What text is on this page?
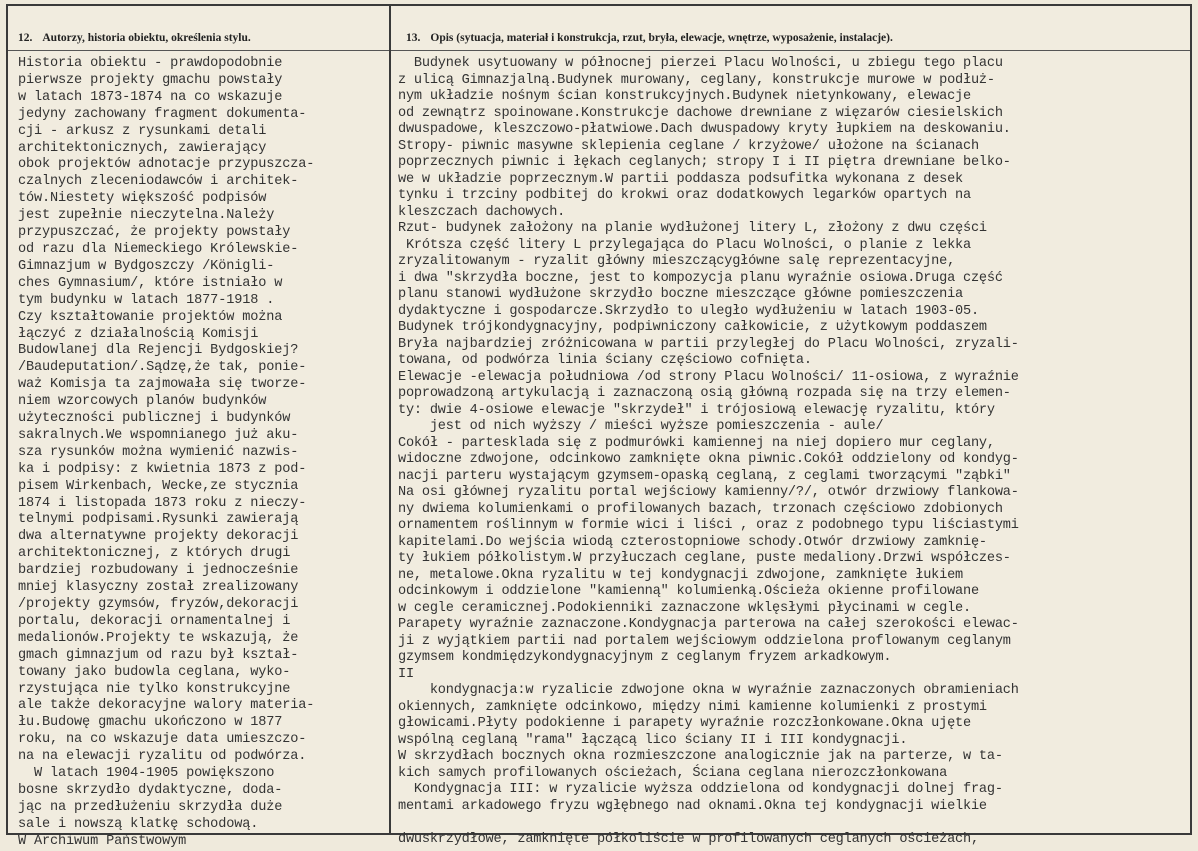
12. Autorzy, historia obiektu, określenia stylu.	13. Opis (sytuacja, materiał i konstrukcja, rzut, bryła, elewacje, wnętrze, wyposażenie, instalacje).
Historia obiektu - prawdopodobnie
pierwsze projekty gmachu powstały
w latach 1873-1874 na co wskazuje
jedyny zachowany fragment dokumenta-
cji - arkusz z rysunkami detali
architektonicznych, zawierający
obok projektów adnotacje przypuszcza-
czalnych zleceniodawców i architek-
tów.Niestety większość podpisów
jest zupełnie nieczytelna.Należy
przypuszczać, że projekty powstały
od razu dla Niemeckiego Królewskie-
Gimnazjum w Bydgoszczy /Königli-
ches Gymnasium/, które istniało w
tym budynku w latach 1877-1918 .
Czy kształtowanie projektów można
łączyć z działalnością Komisji
Budowlanej dla Rejencji Bydgoskiej?
/Baudeputation/.Sądzę,że tak, ponie-
waż Komisja ta zajmowała się tworze-
niem wzorcowych planów budynków
użyteczności publicznej i budynków
sakralnych.We wspomnianego już aku-
sza rysunków można wymienić nazwis-
ka i podpisy: z kwietnia 1873 z pod-
pisem Wirkenbach, Wecke,ze stycznia
1874 i listopada 1873 roku z nieczy-
telnymi podpisami.Rysunki zawierają
dwa alternatywne projekty dekoracji
architektonicznej, z których drugi
bardziej rozbudowany i jednocześnie
mniej klasyczny został zrealizowany
/projekty gzymsów, fryzów,dekoracji
portalu, dekoracji ornamentalnej i
medalionów.Projekty te wskazują, że
gmach gimnazjum od razu był kształ-
towany jako budowla ceglana, wyko-
rzystująca nie tylko konstrukcyjne
ale także dekoracyjne walory materia-
łu.Budowę gmachu ukończono w 1877
roku, na co wskazuje data umieszczo-
na na elewacji ryzalitu od podwórza.
W latach 1904-1905 powiększono
bosne skrzydło dydaktyczne, doda-
jąc na przedłużeniu skrzydła duże
sale i nowszą klatkę schodową.
W Archiwum Państwowym
Budynek usytuowany w północnej pierzei Placu Wolności, u zbiegu tego placu
z ulicą Gimnazjalną.Budynek murowany, ceglany, konstrukcje murowe w podłuż-
nym układzie nośnym ścian konstrukcyjnych.Budynek nietynkowany, elewacje
od zewnątrz spoinowane.Konstrukcje dachowe drewniane z więzarów ciesielskich
dwuspadowe, kleszczowo-płatwiowe.Dach dwuspadowy kryty łupkiem na deskowaniu.
Stropy- piwnic masywne sklepienia ceglane / krzyżowe/ ułożone na ścianach
poprzecznych piwnic i łękach ceglanych; stropy I i II piętra drewniane belko-
we w układzie poprzecznym.W partii poddasza podsufitka wykonana z desek
tynku i trzciny podbitej do krokwi oraz dodatkowych legarków opartych na
kleszczach dachowych.
Rzut- budynek założony na planie wydłużonej litery L, złożony z dwu części
Krótsza część litery L przylegająca do Placu Wolności, o planie z lekka
zryzalitowanym - ryzalit główny mieszczącygłówne salę reprezentacyjne,
i dwa "skrzydła boczne, jest to kompozycja planu wyraźnie osiowa.Druga część
planu stanowi wydłużone skrzydło boczne mieszczące główne pomieszczenia
dydaktyczne i gospodarcze.Skrzydło to uległo wydłużeniu w latach 1903-05.
Budynek trójkondygnacyjny, podpiwniczony całkowicie, z użytkowym poddaszem
Bryła najbardziej zróżnicowana w partii przyległej do Placu Wolności, zryzali-
towana, od podwórza linia ściany częściowo cofnięta.
Elewacje -elewacja południowa /od strony Placu Wolności/ 11-osiowa, z wyraźnie
poprowadzoną artykulacją i zaznaczoną osią główną rozpada się na trzy elemen-
ty: dwie 4-osiowe elewacje "skrzydeł" i trójosiową elewację ryzalitu, który
jest od nich wyższy / mieści wyższe pomieszczenia - aule/
Cokół - partesklada się z podmurówki kamiennej na niej dopiero mur ceglany,
widoczne zdwojone, odcinkowo zamknięte okna piwnic.Cokół oddzielony od kondyg-
nacji parteru wystającym gzymsem-opaską ceglaną, z ceglami tworzącymi "ząbki"
Na osi głównej ryzalitu portal wejściowy kamienny/?/, otwór drzwiowy flankowa-
ny dwiema kolumienkami o profilowanych bazach, trzonach częściowo zdobionych
ornamentem roślinnym w formie wici i liści , oraz z podobnego typu liściastymi
kapitelami.Do wejścia wiodą czterostopniowe schody.Otwór drzwiowy zamknię-
ty łukiem półkolistym.W przyłuczach ceglane, puste medaliony.Drzwi współczes-
ne, metalowe.Okna ryzalitu w tej kondygnacji zdwojone, zamknięte łukiem
odcinkowym i oddzielone "kamienną" kolumienką.Ościeża okienne profilowane
w cegle ceramicznej.Podokienniki zaznaczone wklęsłymi płycinami w cegle.
Parapety wyraźnie zaznaczone.Kondygnacja parterowa na całej szerokości elewac-
ji z wyjątkiem partii nad portalem wejściowym oddzielona proflowanym ceglanym
gzymsem kondmiędzykondygnacyjnym z ceglanym fryzem arkadkowym.
II
kondygnacja:w ryzalicie zdwojone okna w wyraźnie zaznaczonych obramieniach
okiennych, zamknięte odcinkowo, między nimi kamienne kolumienki z prostymi
głowicami.Płyty podokienne i parapety wyraźnie rozczłonkowane.Okna ujęte
wspólną ceglaną "rama" łączącą lico ściany II i III kondygnacji.
W skrzydłach bocznych okna rozmieszczone analogicznie jak na parterze, w ta-
kich samych profilowanych ościeżach, Ściana ceglana nierozczłonkowana
Kondygnacja III: w ryzalicie wyższa oddzielona od kondygnacji dolnej frag-
mentami arkadowego fryzu wgłębnego nad oknami.Okna tej kondygnacji wielkie

dwuskrzydłowe, zamknięte półkoliście w profilowanych ceglanych ościeżach,
